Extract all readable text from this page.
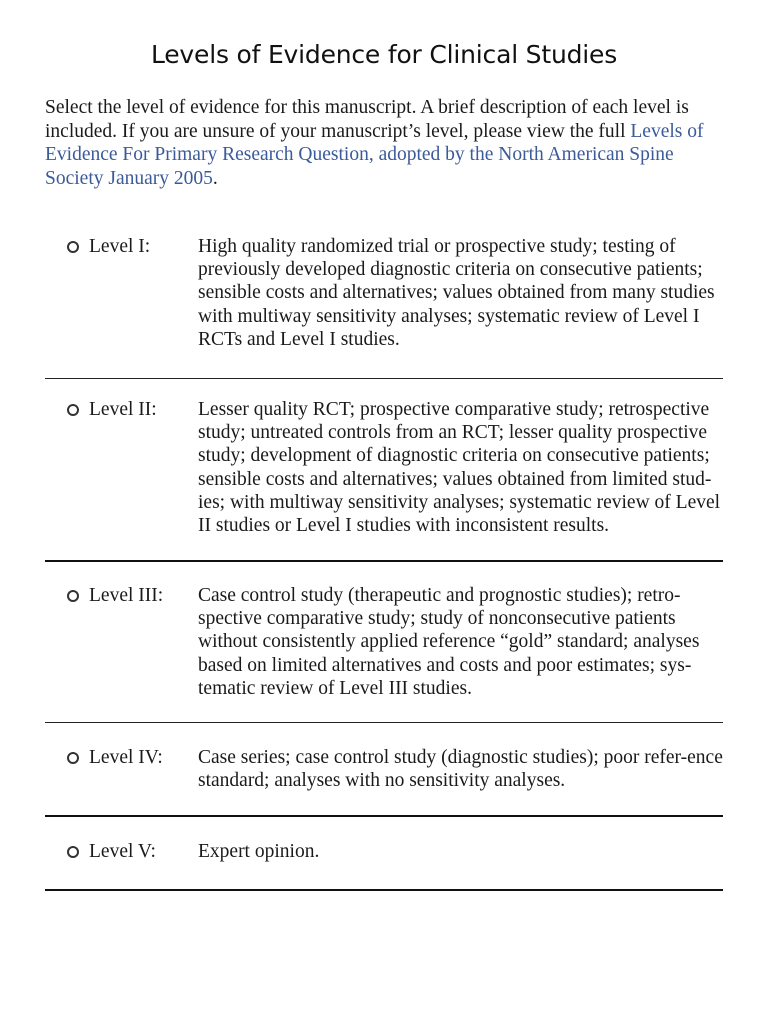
Levels of Evidence for Clinical Studies
Select the level of evidence for this manuscript. A brief description of each level is included. If you are unsure of your manuscript’s level, please view the full Levels of Evidence For Primary Research Question, adopted by the North American Spine Society January 2005.
Level I: High quality randomized trial or prospective study; testing of previously developed diagnostic criteria on consecutive patients; sensible costs and alternatives; values obtained from many studies with multiway sensitivity analyses; systematic review of Level I RCTs and Level I studies.
Level II: Lesser quality RCT; prospective comparative study; retrospective study; untreated controls from an RCT; lesser quality prospective study; development of diagnostic criteria on consecutive patients; sensible costs and alternatives; values obtained from limited stud-ies; with multiway sensitivity analyses; systematic review of Level II studies or Level I studies with inconsistent results.
Level III: Case control study (therapeutic and prognostic studies); retro-spective comparative study; study of nonconsecutive patients without consistently applied reference “gold” standard; analyses based on limited alternatives and costs and poor estimates; sys-tematic review of Level III studies.
Level IV: Case series; case control study (diagnostic studies); poor refer-ence standard; analyses with no sensitivity analyses.
Level V: Expert opinion.
